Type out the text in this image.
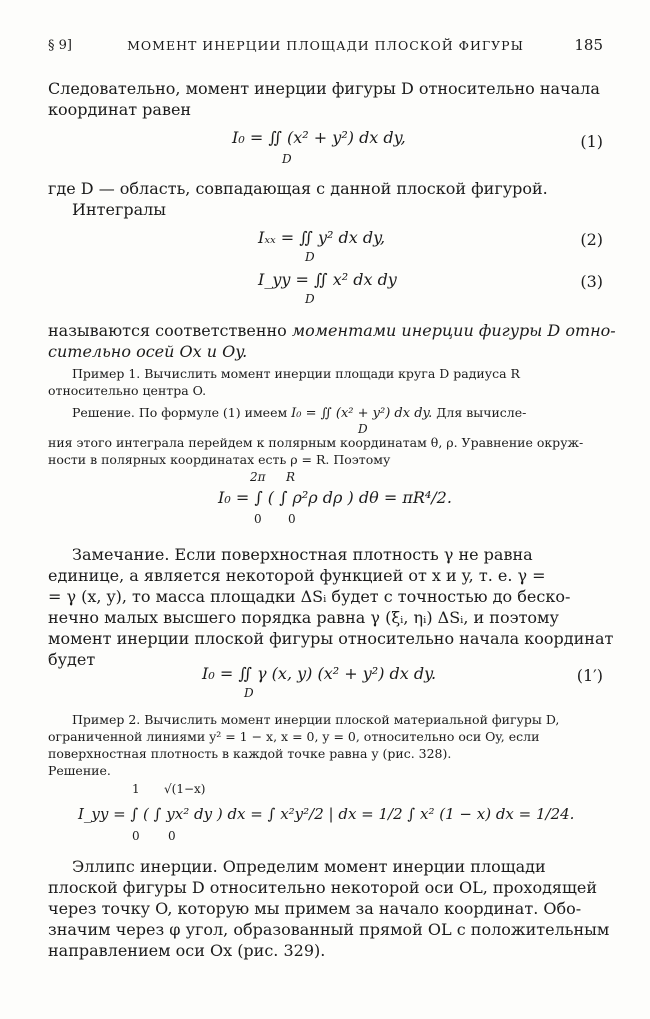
§ 9]	МОМЕНТ ИНЕРЦИИ ПЛОЩАДИ ПЛОСКОЙ ФИГУРЫ	185
Следовательно, момент инерции фигуры D относительно начала
координат равен
I₀ = ∬ (x² + y²) dx dy,
D
(1)
где D — область, совпадающая с данной плоской фигурой.
Интегралы
Iₓₓ = ∬ y² dx dy,
D
(2)
I_yy = ∬ x² dx dy
D
(3)
называются соответственно моментами инерции фигуры D отно-
сительно осей Ox и Oy.
Пример 1. Вычислить момент инерции площади круга D радиуса R
относительно центра O.
Решение. По формуле (1) имеем I₀ = ∬ (x² + y²) dx dy. Для вычисле-
D
ния этого интеграла перейдем к полярным координатам θ, ρ. Уравнение окруж-
ности в полярных координатах есть ρ = R. Поэтому
I₀ = ∫ ( ∫ ρ²ρ dρ ) dθ = πR⁴/2.
2π R
0 0
Замечание. Если поверхностная плотность γ не равна
единице, а является некоторой функцией от x и y, т. е. γ =
= γ (x, y), то масса площадки ΔSᵢ будет с точностью до беско-
нечно малых высшего порядка равна γ (ξᵢ, ηᵢ) ΔSᵢ, и поэтому
момент инерции плоской фигуры относительно начала координат
будет
I₀ = ∬ γ (x, y) (x² + y²) dx dy.
D
(1′)
Пример 2. Вычислить момент инерции плоской материальной фигуры D,
ограниченной линиями y² = 1 − x, x = 0, y = 0, относительно оси Oy, если
поверхностная плотность в каждой точке равна y (рис. 328).
Решение.
1 √(1−x)
I_yy = ∫ ( ∫ yx² dy ) dx = ∫ x²y²/2 | dx = 1/2 ∫ x² (1 − x) dx = 1/24.
0 0
Эллипс инерции. Определим момент инерции площади
плоской фигуры D относительно некоторой оси OL, проходящей
через точку O, которую мы примем за начало координат. Обо-
значим через φ угол, образованный прямой OL с положительным
направлением оси Ox (рис. 329).
